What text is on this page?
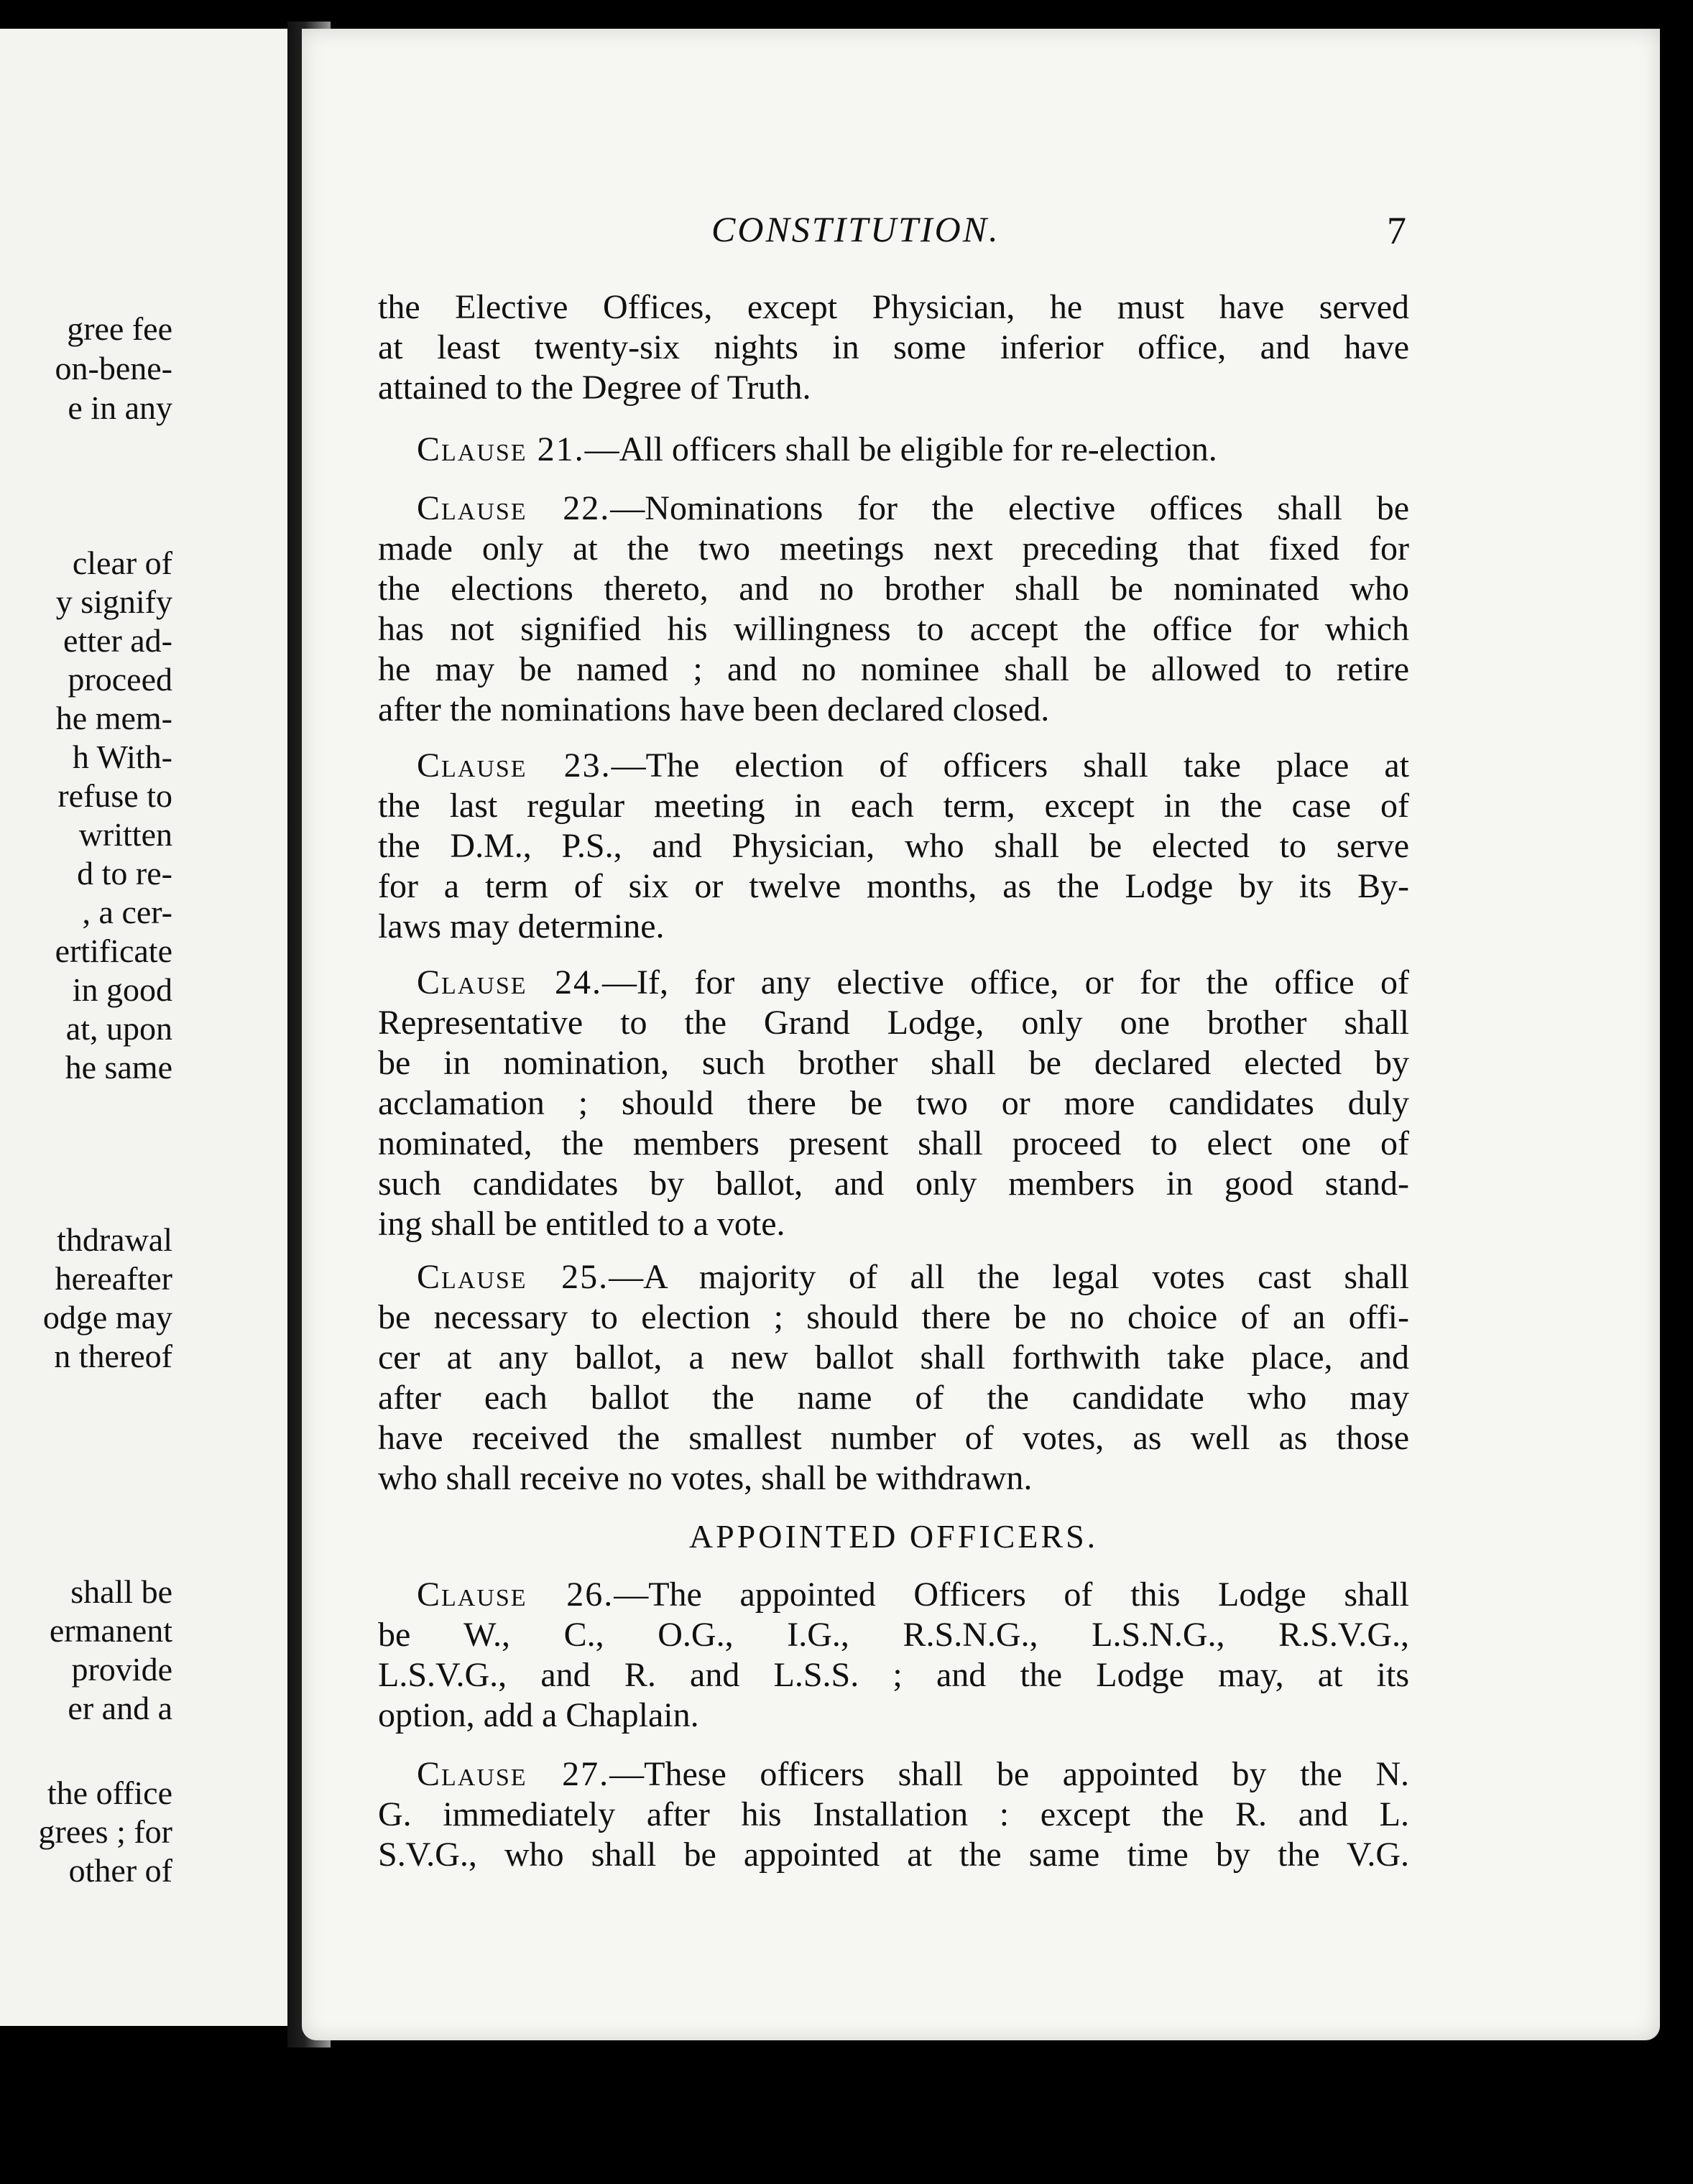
gree fee
on-bene-
e in any
clear of
y signify
etter ad-
proceed
he mem-
h With-
refuse to
written
d to re-
, a cer-
ertificate
in good
at, upon
he same
thdrawal
hereafter
odge may
n thereof
shall be
ermanent
provide
er and a
the office
grees ; for
other of
CONSTITUTION.	7
the Elective Offices, except Physician, he must have served
at least twenty-six nights in some inferior office, and have
attained to the Degree of Truth.
Clause 21.—All officers shall be eligible for re-election.
Clause 22.—Nominations for the elective offices shall be
made only at the two meetings next preceding that fixed for
the elections thereto, and no brother shall be nominated who
has not signified his willingness to accept the office for which
he may be named ; and no nominee shall be allowed to retire
after the nominations have been declared closed.
Clause 23.—The election of officers shall take place at
the last regular meeting in each term, except in the case of
the D.M., P.S., and Physician, who shall be elected to serve
for a term of six or twelve months, as the Lodge by its By-
laws may determine.
Clause 24.—If, for any elective office, or for the office of
Representative to the Grand Lodge, only one brother shall
be in nomination, such brother shall be declared elected by
acclamation ; should there be two or more candidates duly
nominated, the members present shall proceed to elect one of
such candidates by ballot, and only members in good stand-
ing shall be entitled to a vote.
Clause 25.—A majority of all the legal votes cast shall
be necessary to election ; should there be no choice of an offi-
cer at any ballot, a new ballot shall forthwith take place, and
after each ballot the name of the candidate who may
have received the smallest number of votes, as well as those
who shall receive no votes, shall be withdrawn.
APPOINTED OFFICERS.
Clause 26.—The appointed Officers of this Lodge shall
be W., C., O.G., I.G., R.S.N.G., L.S.N.G., R.S.V.G.,
L.S.V.G., and R. and L.S.S. ; and the Lodge may, at its
option, add a Chaplain.
Clause 27.—These officers shall be appointed by the N.
G. immediately after his Installation : except the R. and L.
S.V.G., who shall be appointed at the same time by the V.G.
